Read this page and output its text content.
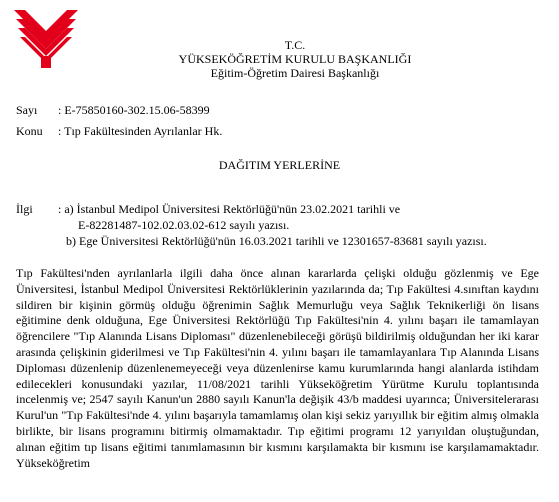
T.C.
YÜKSEKÖĞRETİM KURULU BAŞKANLIĞI
Eğitim-Öğretim Dairesi Başkanlığı
Sayı : E-75850160-302.15.06-58399
Konu : Tıp Fakültesinden Ayrılanlar Hk.
DAĞITIM YERLERİNE
İlgi : a) İstanbul Medipol Üniversitesi Rektörlüğü'nün 23.02.2021 tarihli ve
E-82281487-102.02.03.02-612 sayılı yazısı.
b) Ege Üniversitesi Rektörlüğü'nün 16.03.2021 tarihli ve 12301657-83681 sayılı yazısı.
Tıp Fakültesi'nden ayrılanlarla ilgili daha önce alınan kararlarda çelişki olduğu gözlenmiş ve Ege Üniversitesi, İstanbul Medipol Üniversitesi Rektörlüklerinin yazılarında da; Tıp Fakültesi 4.sınıftan kaydını sildiren bir kişinin görmüş olduğu öğrenimin Sağlık Memurluğu veya Sağlık Teknikerliği ön lisans eğitimine denk olduğuna, Ege Üniversitesi Rektörlüğü Tıp Fakültesi'nin 4. yılını başarı ile tamamlayan öğrencilere "Tıp Alanında Lisans Diploması" düzenlenebileceği görüşü bildirilmiş olduğundan her iki karar arasında çelişkinin giderilmesi ve Tıp Fakültesi'nin 4. yılını başarı ile tamamlayanlara Tıp Alanında Lisans Diploması düzenlenip düzenlenemeyeceği veya düzenlenirse kamu kurumlarında hangi alanlarda istihdam edilecekleri konusundaki yazılar, 11/08/2021 tarihli Yükseköğretim Yürütme Kurulu toplantısında incelenmiş ve; 2547 sayılı Kanun'un 2880 sayılı Kanun'la değişik 43/b maddesi uyarınca; Üniversitelerarası Kurul'un "Tıp Fakültesi'nde 4. yılını başarıyla tamamlamış olan kişi sekiz yarıyıllık bir eğitim almış olmakla birlikte, bir lisans programını bitirmiş olmamaktadır. Tıp eğitimi programı 12 yarıyıldan oluştuğundan, alınan eğitim tıp lisans eğitimi tanımlamasının bir kısmını karşılamakta bir kısmını ise karşılamamaktadır. Yükseköğretim
